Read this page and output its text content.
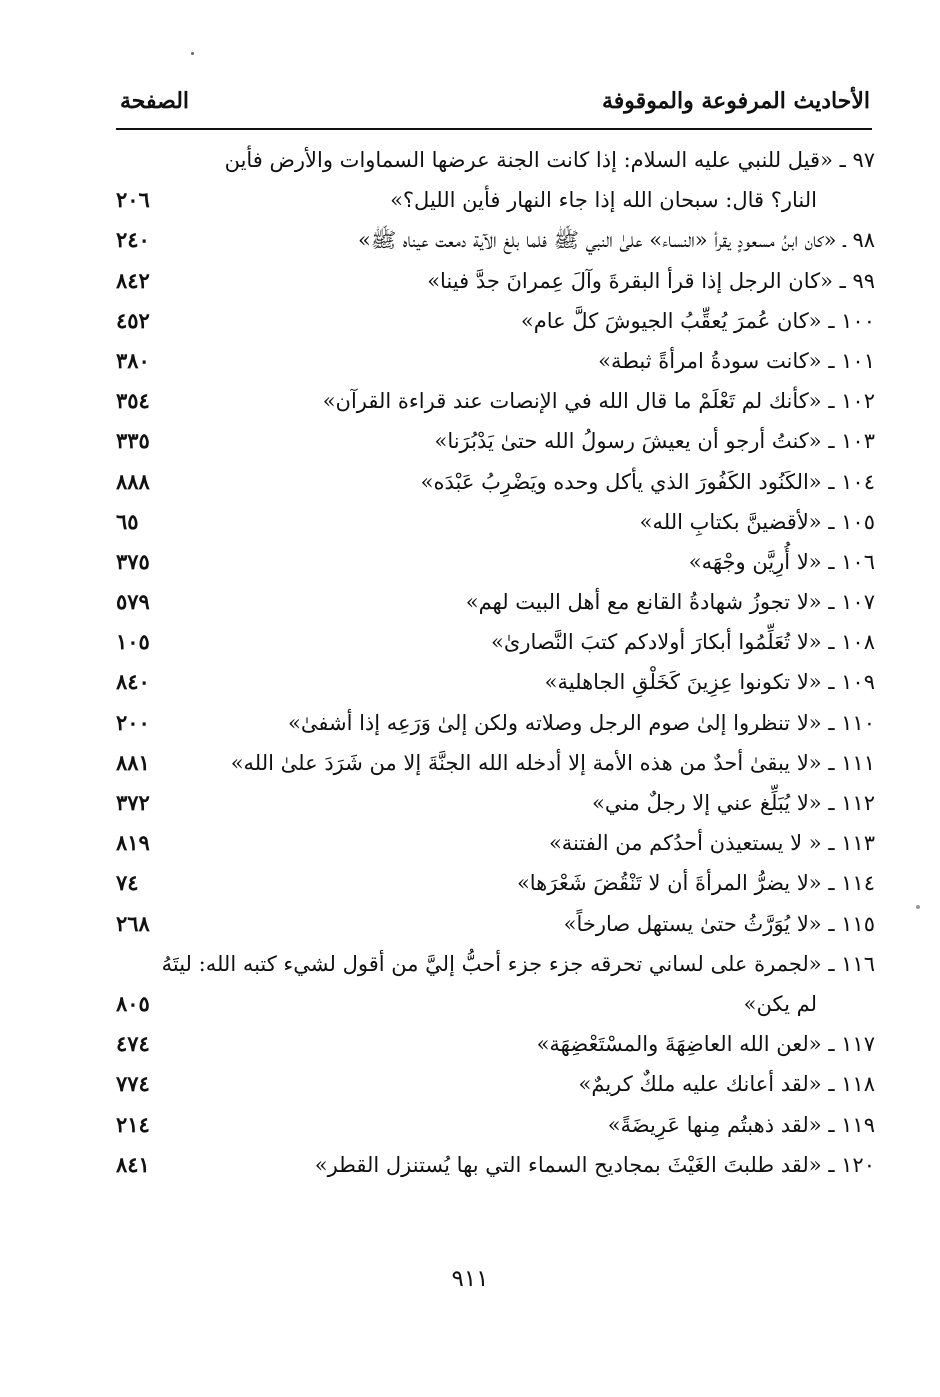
الأحاديث المرفوعة والموقوفة
الصفحة
٩٧ ـ «قيل للنبي عليه السلام: إذا كانت الجنة عرضها السماوات والأرض فأين
النار؟ قال: سبحان الله إذا جاء النهار فأين الليل؟»
٢٠٦
٩٨ ـ «كان ابنُ مسعودٍ يقرأ «النساء» علىٰ النبي ﷺ فلما بلغ الآية دمعت عيناه ﷺ»
٢٤٠
٩٩ ـ «كان الرجل إذا قرأ البقرةَ وآلَ عِمرانَ جدَّ فينا»
٨٤٢
١٠٠ ـ «كان عُمرَ يُعقِّبُ الجيوشَ كلَّ عام»
٤٥٢
١٠١ ـ «كانت سودةُ امرأةً ثبطة»
٣٨٠
١٠٢ ـ «كأنك لم تَعْلَمْ ما قال الله في الإنصات عند قراءة القرآن»
٣٥٤
١٠٣ ـ «كنتُ أرجو أن يعيشَ رسولُ الله حتىٰ يَدْبُرَنا»
٣٣٥
١٠٤ ـ «الكَنُود الكَفُورَ الذي يأكل وحده ويَضْرِبُ عَبْدَه»
٨٨٨
١٠٥ ـ «لأقضينَّ بكتابِ الله»
٦٥
١٠٦ ـ «لا أُرِيَّن وجْهَه»
٣٧٥
١٠٧ ـ «لا تجوزُ شهادةُ القانع مع أهل البيت لهم»
٥٧٩
١٠٨ ـ «لا تُعَلِّمُوا أبكارَ أولادكم كتبَ النَّصارىٰ»
١٠٥
١٠٩ ـ «لا تكونوا عِزِينَ كَخَلْقِ الجاهلية»
٨٤٠
١١٠ ـ «لا تنظروا إلىٰ صوم الرجل وصلاته ولكن إلىٰ وَرَعِه إذا أشفىٰ»
٢٠٠
١١١ ـ «لا يبقىٰ أحدٌ من هذه الأمة إلا أدخله الله الجنَّةَ إلا من شَرَدَ علىٰ الله»
٨٨١
١١٢ ـ «لا يُبَلِّغ عني إلا رجلٌ مني»
٣٧٢
١١٣ ـ « لا يستعيذن أحدُكم من الفتنة»
٨١٩
١١٤ ـ «لا يضرُّ المرأةَ أن لا تَنْقُضَ شَعْرَها»
٧٤
١١٥ ـ «لا يُوَرَّثُ حتىٰ يستهل صارخاً»
٢٦٨
١١٦ ـ «لجمرة على لساني تحرقه جزء جزء أحبُّ إليَّ من أقول لشيء كتبه الله: ليتَهُ
لم يكن»
٨٠٥
١١٧ ـ «لعن الله العاضِهَةَ والمسْتَعْضِهَة»
٤٧٤
١١٨ ـ «لقد أعانك عليه ملكٌ كريمٌ»
٧٧٤
١١٩ ـ «لقد ذهبتُم مِنها عَرِيضَةً»
٢١٤
١٢٠ ـ «لقد طلبتَ الغَيْثَ بمجاديح السماء التي بها يُستنزل القطر»
٨٤١
٩١١
